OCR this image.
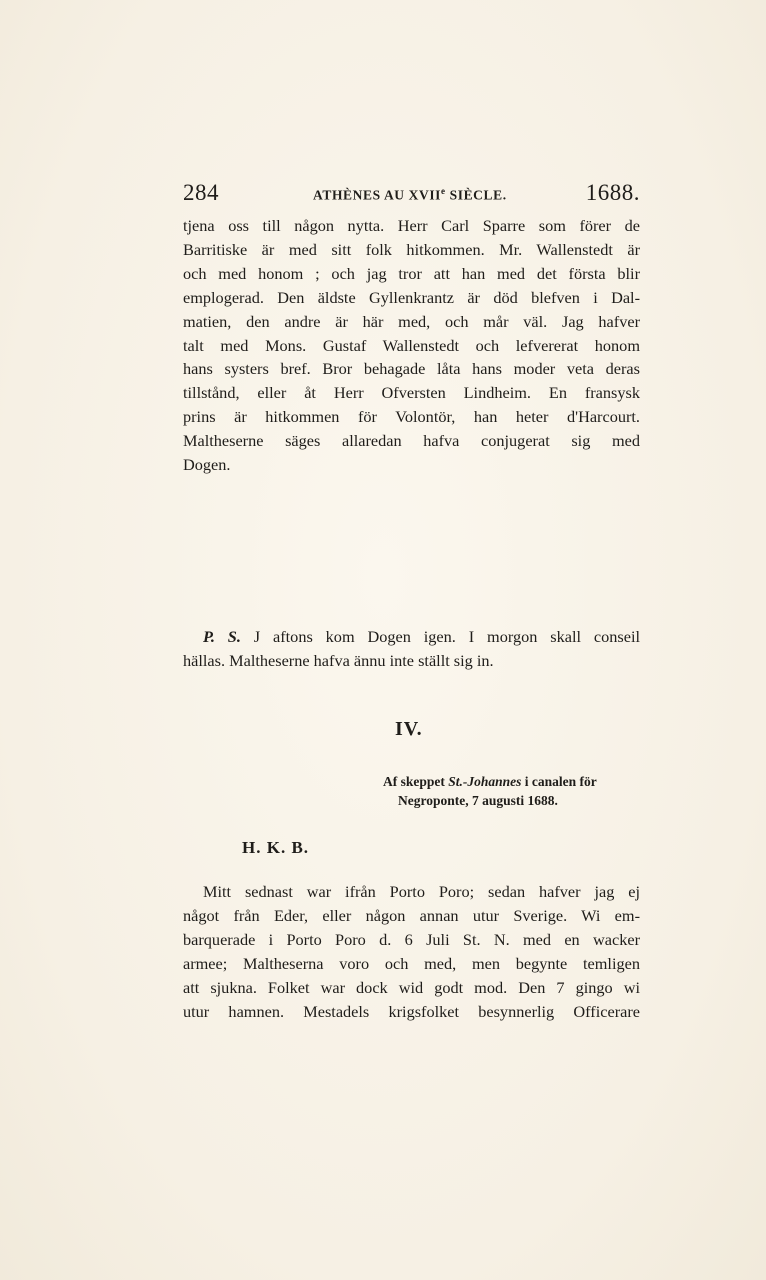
284	ATHÈNES AU XVIIe SIÈCLE.	1688.
tjena oss till någon nytta. Herr Carl Sparre som förer de
Barritiske är med sitt folk hitkommen. Mr. Wallenstedt är
och med honom ; och jag tror att han med det första blir
emplogerad. Den äldste Gyllenkrantz är död blefven i Dal-
matien, den andre är här med, och mår väl. Jag hafver
talt med Mons. Gustaf Wallenstedt och lefvererat honom
hans systers bref. Bror behagade låta hans moder veta deras
tillstånd, eller åt Herr Ofversten Lindheim. En fransysk
prins är hitkommen för Volontör, han heter d'Harcourt.
Maltheserne säges allaredan hafva conjugerat sig med
Dogen.
P. S. J aftons kom Dogen igen. I morgon skall conseil
hällas. Maltheserne hafva ännu inte ställt sig in.
IV.
Af skeppet St.-Johannes i canalen för
Negroponte, 7 augusti 1688.
H. K. B.
Mitt sednast war ifrån Porto Poro; sedan hafver jag ej
något från Eder, eller någon annan utur Sverige. Wi em-
barquerade i Porto Poro d. 6 Juli St. N. med en wacker
armee; Maltheserna voro och med, men begynte temligen
att sjukna. Folket war dock wid godt mod. Den 7 gingo wi
utur hamnen. Mestadels krigsfolket besynnerlig Officerare
